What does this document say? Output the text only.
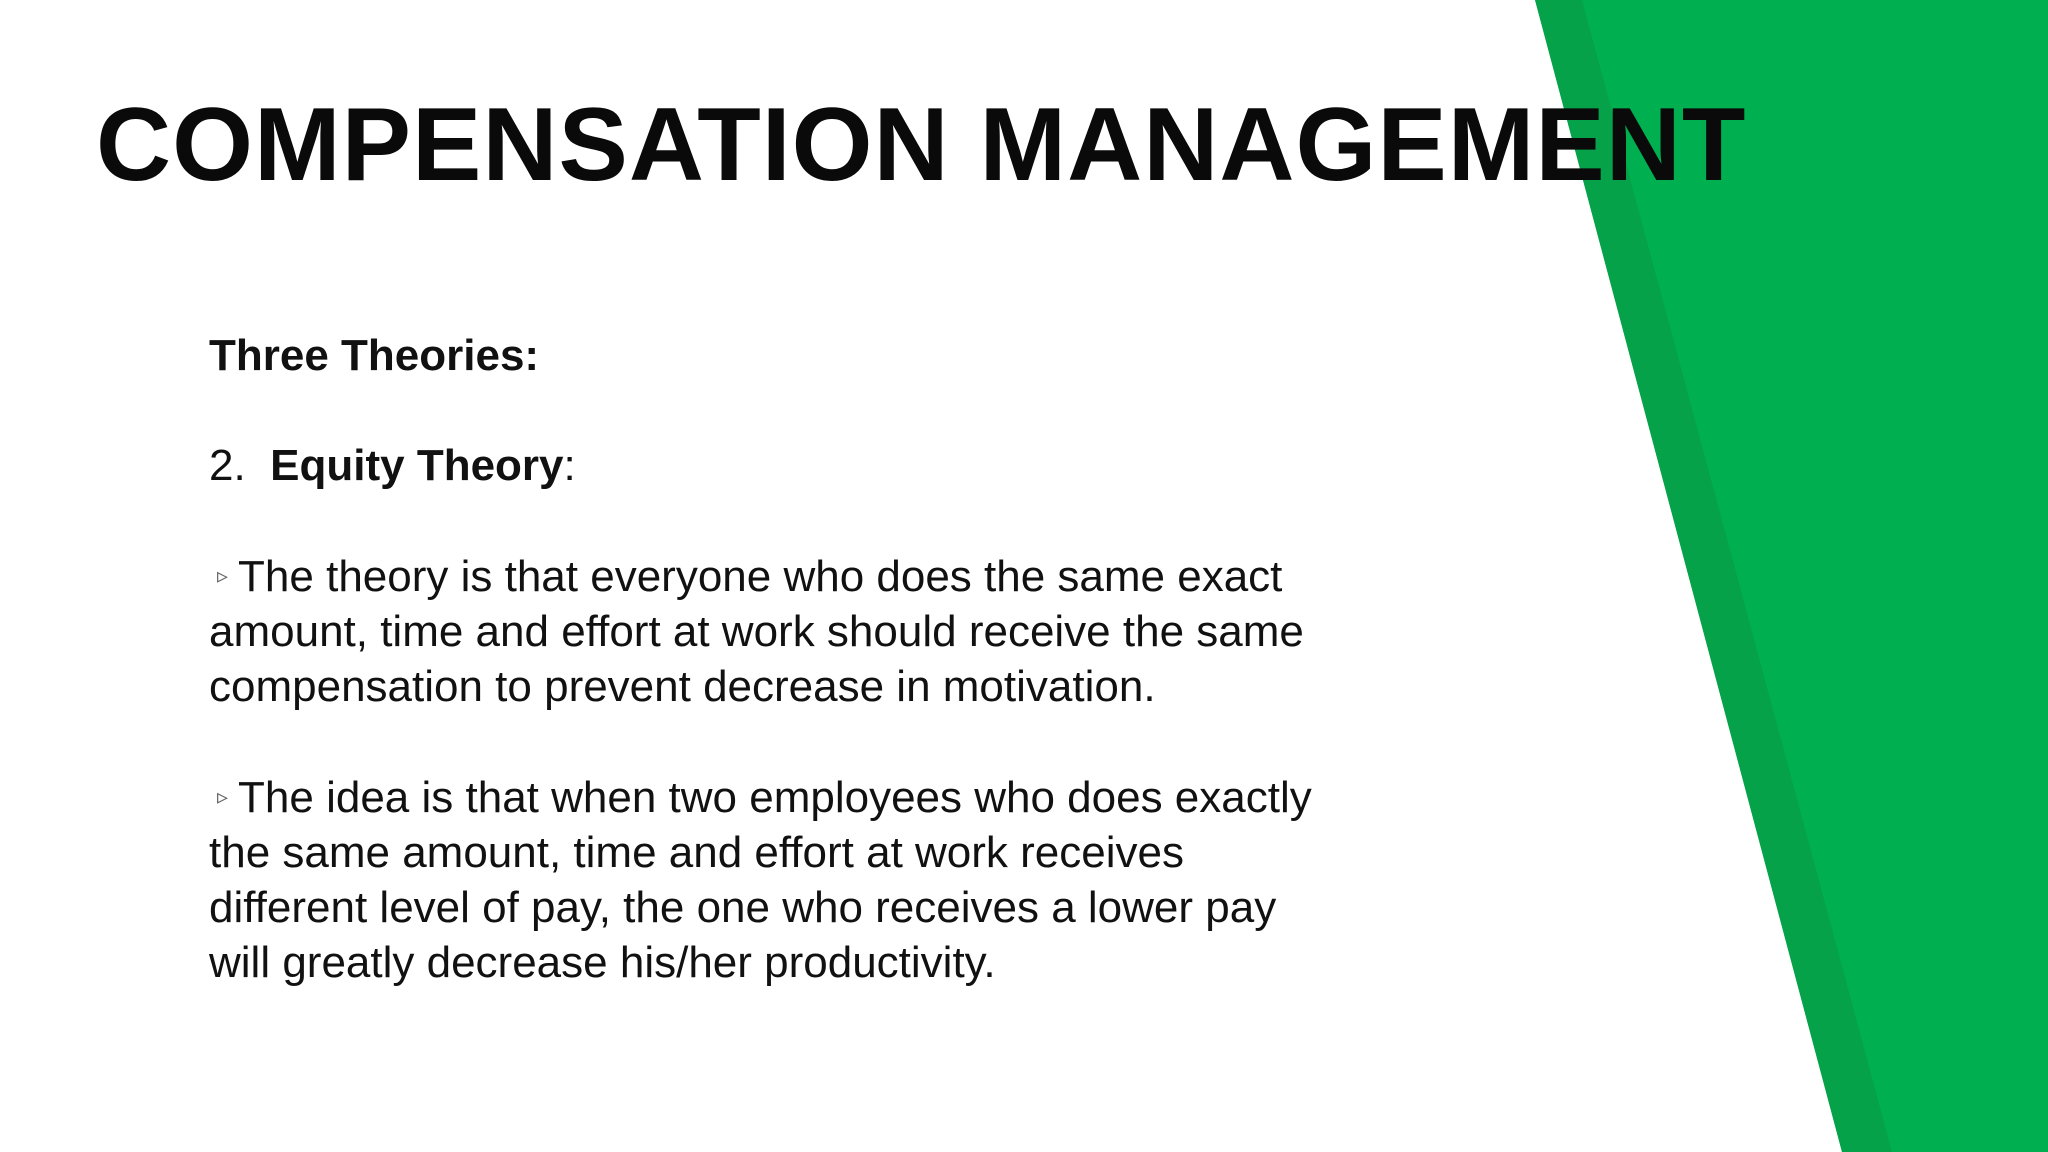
COMPENSATION MANAGEMENT

Three Theories:

2. Equity Theory:

▹ The theory is that everyone who does the same exact
amount, time and effort at work should receive the same
compensation to prevent decrease in motivation.

▹ The idea is that when two employees who does exactly
the same amount, time and effort at work receives
different level of pay, the one who receives a lower pay
will greatly decrease his/her productivity.
